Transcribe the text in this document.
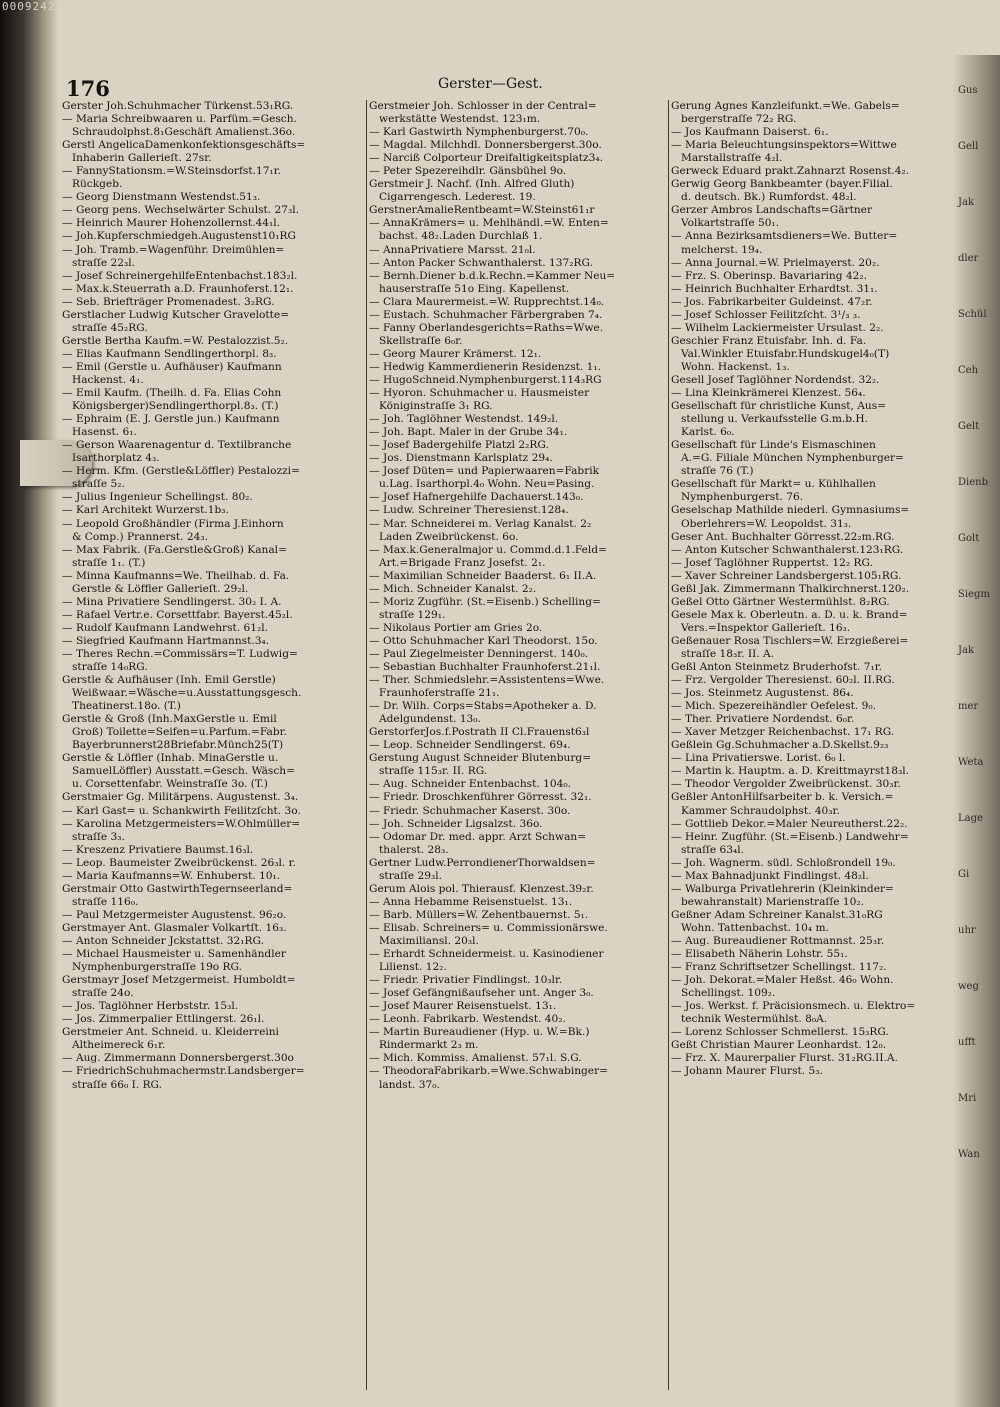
Gus
Gell
Jak
dler
Schül
Ceh
Gelt
Dienb
Golt
Siegm
Jak
mer
Weta
Lage
Gi
uhr
weg
ufft
Mri
Wan
00092425
176	Gerster—Gest.
Gerster Joh.Schuhmacher Türkenst.53₁RG.
— Maria Schreibwaaren u. Parfüm.=Gesch.
Schraudolphst.8₁Geschäft Amalienst.36o.
Gerstl AngelicaDamenkonfektionsgeschäfts=
Inhaberin Gallerieſt. 27sr.
— FannyStationsm.=W.Steinsdorfst.17₁r.
Rückgeb.
— Georg Dienstmann Westendst.51₃.
— Georg pens. Wechselwärter Schulst. 27₃l.
— Heinrich Maurer Hohenzollernst.44₁l.
— Joh.Kupferschmiedgeh.Augustenst10₁RG
— Joh. Tramb.=Wagenführ. Dreimühlen=
straſſe 22₃l.
— Josef SchreinergehilfeEntenbachst.183₂l.
— Max.k.Steuerrath a.D. Fraunhoferst.12₁.
— Seb. Briefträger Promenadest. 3₂RG.
Gerstlacher Ludwig Kutscher Gravelotte=
straſſe 45₂RG.
Gerstle Bertha Kaufm.=W. Pestalozzist.5₂.
— Elias Kaufmann Sendlingerthorpl. 8₃.
— Emil (Gerstle u. Aufhäuser) Kaufmann
Hackenst. 4₁.
— Emil Kaufm. (Theilh. d. Fa. Elias Cohn
Königsberger)Sendlingerthorpl.8₃. (T.)
— Ephraim (E. J. Gerstle jun.) Kaufmann
Hasenst. 6₁.
— Gerson Waarenagentur d. Textilbranche
Isarthorplatz 4₃.
— Herm. Kfm. (Gerstle&Löffler) Pestalozzi=
straſſe 5₂.
— Julius Ingenieur Schellingst. 80₂.
— Karl Architekt Wurzerst.1b₃.
— Leopold Großhändler (Firma J.Einhorn
& Comp.) Prannerst. 24₃.
— Max Fabrik. (Fa.Gerstle&Groß) Kanal=
straſſe 1₁. (T.)
— Minna Kaufmanns=We. Theilhab. d. Fa.
Gerstle & Löffler Gallerieſt. 29₂l.
— Mina Privatiere Sendlingerst. 30₂ I. A.
— Rafael Vertr.e. Corsettfabr. Bayerst.45₂l.
— Rudolf Kaufmann Landwehrst. 61₂l.
— Siegfried Kaufmann Hartmannst.3₄.
— Theres Rechn.=Commissärs=T. Ludwig=
straſſe 14₀RG.
Gerstle & Aufhäuser (Inh. Emil Gerstle)
Weißwaar.=Wäsche=u.Ausstattungsgesch.
Theatinerst.18o. (T.)
Gerstle & Groß (Inh.MaxGerstle u. Emil
Groß) Toilette=Seifen=u.Parfum.=Fabr.
Bayerbrunnerst28Briefabr.Münch25(T)
Gerstle & Löffler (Inhab. MinaGerstle u.
SamuelLöffler) Ausstatt.=Gesch. Wäsch=
u. Corsettenfabr. Weinstraſſe 3o. (T.)
Gerstmaier Gg. Militärpens. Augustenst. 3₄.
— Karl Gast= u. Schankwirth Feilitzſcht. 3o.
— Karolina Metzgermeisters=W.Ohlmüller=
straſſe 3₃.
— Kreszenz Privatiere Baumst.16₃l.
— Leop. Baumeister Zweibrückenst. 26₃l. r.
— Maria Kaufmanns=W. Enhuberst. 10₁.
Gerstmair Otto GastwirthTegernseerland=
straſſe 116₀.
— Paul Metzgermeister Augustenst. 96₂o.
Gerstmayer Ant. Glasmaler Volkartſt. 16₃.
— Anton Schneider Jckstattst. 32₁RG.
— Michael Hausmeister u. Samenhändler
Nymphenburgerstraſſe 19o RG.
Gerstmayr Josef Metzgermeist. Humboldt=
straſſe 24o.
— Jos. Taglöhner Herbststr. 15₃l.
— Jos. Zimmerpalier Ettlingerst. 26₁l.
Gerstmeier Ant. Schneid. u. Kleiderreini
Altheimereck 6₁r.
— Aug. Zimmermann Donnersbergerst.30o
— FriedrichSchuhmachermstr.Landsberger=
straſſe 66₀ I. RG.
Gerstmeier Joh. Schlosser in der Central=
werkstätte Westendst. 123₁m.
— Karl Gastwirth Nymphenburgerst.70₀.
— Magdal. Milchhdl. Donnersbergerst.30o.
— Narciß Colporteur Dreifaltigkeitsplatz3₄.
— Peter Spezereihdlr. Gänsbühel 9o.
Gerstmeir J. Nachf. (Inh. Alfred Gluth)
Cigarrengesch. Lederest. 19.
GerstnerAmalieRentbeamt=W.Steinst61₁r
— AnnaKrämers= u. Mehlhändl.=W. Enten=
bachst. 48₂.Laden Durchlaß 1.
— AnnaPrivatiere Marsst. 21₀l.
— Anton Packer Schwanthalerst. 137₂RG.
— Bernh.Diener b.d.k.Rechn.=Kammer Neu=
hauserstraſſe 51o Eing. Kapellenst.
— Clara Maurermeist.=W. Rupprechtst.14₀.
— Eustach. Schuhmacher Färbergraben 7₄.
— Fanny Oberlandesgerichts=Raths=Wwe.
Skellstraſſe 6₀r.
— Georg Maurer Krämerst. 12₁.
— Hedwig Kammerdienerin Residenzst. 1₁.
— HugoSchneid.Nymphenburgerst.114₃RG
— Hyoron. Schuhmacher u. Hausmeister
Königinstraſſe 3₁ RG.
— Joh. Taglöhner Westendst. 149₂l.
— Joh. Bapt. Maler in der Grube 34₁.
— Josef Badergehilfe Platzl 2₂RG.
— Jos. Dienstmann Karlsplatz 29₄.
— Josef Düten= und Papierwaaren=Fabrik
u.Lag. Isarthorpl.4₀ Wohn. Neu=Pasing.
— Josef Hafnergehilfe Dachauerst.143₀.
— Ludw. Schreiner Theresienst.128₄.
— Mar. Schneiderei m. Verlag Kanalst. 2₂
Laden Zweibrückenst. 6o.
— Max.k.Generalmajor u. Commd.d.1.Feld=
Art.=Brigade Franz Josefst. 2₁.
— Maximilian Schneider Baaderst. 6₁ II.A.
— Mich. Schneider Kanalst. 2₂.
— Moriz Zugführ. (St.=Eisenb.) Schelling=
straſſe 129₁.
— Nikolaus Portier am Gries 2o.
— Otto Schuhmacher Karl Theodorst. 15o.
— Paul Ziegelmeister Denningerst. 140₀.
— Sebastian Buchhalter Fraunhoferst.21₁l.
— Ther. Schmiedslehr.=Assistentens=Wwe.
Fraunhoferstraſſe 21₁.
— Dr. Wilh. Corps=Stabs=Apotheker a. D.
Adelgundenst. 13₀.
GerstorferJos.f.Postrath II Cl.Frauenst6₃l
— Leop. Schneider Sendlingerst. 69₄.
Gerstung August Schneider Blutenburg=
straſſe 115₃r. II. RG.
— Aug. Schneider Entenbachst. 104₀.
— Friedr. Droschkenführer Görresst. 32₁.
— Friedr. Schuhmacher Kaserst. 30o.
— Joh. Schneider Ligsalzst. 36o.
— Odomar Dr. med. appr. Arzt Schwan=
thalerst. 28₃.
Gertner Ludw.PerrondienerThorwaldsen=
straſſe 29₃l.
Gerum Alois pol. Thierausf. Klenzest.39₂r.
— Anna Hebamme Reisenstuelst. 13₁.
— Barb. Müllers=W. Zehentbauernst. 5₁.
— Elisab. Schreiners= u. Commissionärswe.
Maximiliansl. 20₃l.
— Erhardt Schneidermeist. u. Kasinodiener
Lilienst. 12₂.
— Friedr. Privatier Findlingst. 10₃lr.
— Josef Gefängnißaufseher unt. Anger 3₀.
— Josef Maurer Reisenstuelst. 13₁.
— Leonh. Fabrikarb. Westendst. 40₂.
— Martin Bureaudiener (Hyp. u. W.=Bk.)
Rindermarkt 2₃ m.
— Mich. Kommiss. Amalienst. 57₁l. S.G.
— TheodoraFabrikarb.=Wwe.Schwabinger=
landst. 37₀.
Gerung Agnes Kanzleifunkt.=We. Gabels=
bergerstraſſe 72₂ RG.
— Jos Kaufmann Daiserst. 6₁.
— Maria Beleuchtungsinspektors=Wittwe
Marstallstraſſe 4₂l.
Gerweck Eduard prakt.Zahnarzt Rosenst.4₂.
Gerwig Georg Bankbeamter (bayer.Filial.
d. deutsch. Bk.) Rumfordst. 48₂l.
Gerzer Ambros Landschafts=Gärtner
Volkartstraſſe 50₁.
— Anna Bezirksamtsdieners=We. Butter=
melcherst. 19₄.
— Anna Journal.=W. Prielmayerst. 20₂.
— Frz. S. Oberinsp. Bavariaring 42₂.
— Heinrich Buchhalter Erhardtst. 31₁.
— Jos. Fabrikarbeiter Guldeinst. 47₂r.
— Josef Schlosser Feilitzſcht. 3¹/₃ ₃.
— Wilhelm Lackiermeister Ursulast. 2₂.
Geschier Franz Etuisfabr. Inh. d. Fa.
Val.Winkler Etuisfabr.Hundskugel4₀(T)
Wohn. Hackenst. 1₃.
Gesell Josef Taglöhner Nordendst. 32₂.
— Lina Kleinkrämerei Klenzest. 56₄.
Gesellschaft für christliche Kunst, Aus=
stellung u. Verkaufsstelle G.m.b.H.
Karlst. 6₀.
Gesellschaft für Linde's Eismaschinen
A.=G. Filiale München Nymphenburger=
straſſe 76 (T.)
Gesellschaft für Markt= u. Kühlhallen
Nymphenburgerst. 76.
Geselschap Mathilde niederl. Gymnasiums=
Oberlehrers=W. Leopoldst. 31₃.
Geser Ant. Buchhalter Görresst.22₂m.RG.
— Anton Kutscher Schwanthalerst.123₁RG.
— Josef Taglöhner Ruppertst. 12₂ RG.
— Xaver Schreiner Landsbergerst.105₁RG.
Geßl Jak. Zimmermann Thalkirchnerst.120₂.
Geßel Otto Gärtner Westermühlst. 8₂RG.
Gesele Max k. Oberleutn. a. D. u. k. Brand=
Vers.=Inspektor Gallerieſt. 16₃.
Geßenauer Rosa Tischlers=W. Erzgießerei=
straſſe 18₃r. II. A.
Geßl Anton Steinmetz Bruderhofst. 7₁r.
— Frz. Vergolder Theresienst. 60₂l. II.RG.
— Jos. Steinmetz Augustenst. 86₄.
— Mich. Spezereihändler Oefelest. 9₀.
— Ther. Privatiere Nordendst. 6₀r.
— Xaver Metzger Reichenbachst. 17₁ RG.
Geßlein Gg.Schuhmacher a.D.Skellst.9₂₃
— Lina Privatierswe. Lorist. 6₀ l.
— Martin k. Hauptm. a. D. Kreittmayrst18₃l.
— Theodor Vergolder Zweibrückenst. 30₃r.
Geßler AntonHilfsarbeiter b. k. Versich.=
Kammer Schraudolphst. 40₃r.
— Gottlieb Dekor.=Maler Neureutherst.22₂.
— Heinr. Zugführ. (St.=Eisenb.) Landwehr=
straſſe 63₄l.
— Joh. Wagnerm. südl. Schloßrondell 19₀.
— Max Bahnadjunkt Findlingst. 48₂l.
— Walburga Privatlehrerin (Kleinkinder=
bewahranstalt) Marienstraſſe 10₂.
Geßner Adam Schreiner Kanalst.31₀RG
Wohn. Tattenbachst. 10₄ m.
— Aug. Bureaudiener Rottmannst. 25₃r.
— Elisabeth Näherin Lohstr. 55₁.
— Franz Schriftsetzer Schellingst. 117₂.
— Joh. Dekorat.=Maler Heßst. 46₀ Wohn.
Schellingst. 109₂.
— Jos. Werkst. f. Präcisionsmech. u. Elektro=
technik Westermühlst. 8₀A.
— Lorenz Schlosser Schmellerst. 15₃RG.
Geßt Christian Maurer Leonhardst. 12₀.
— Frz. X. Maurerpalier Flurst. 31₂RG.II.A.
— Johann Maurer Flurst. 5₃.
